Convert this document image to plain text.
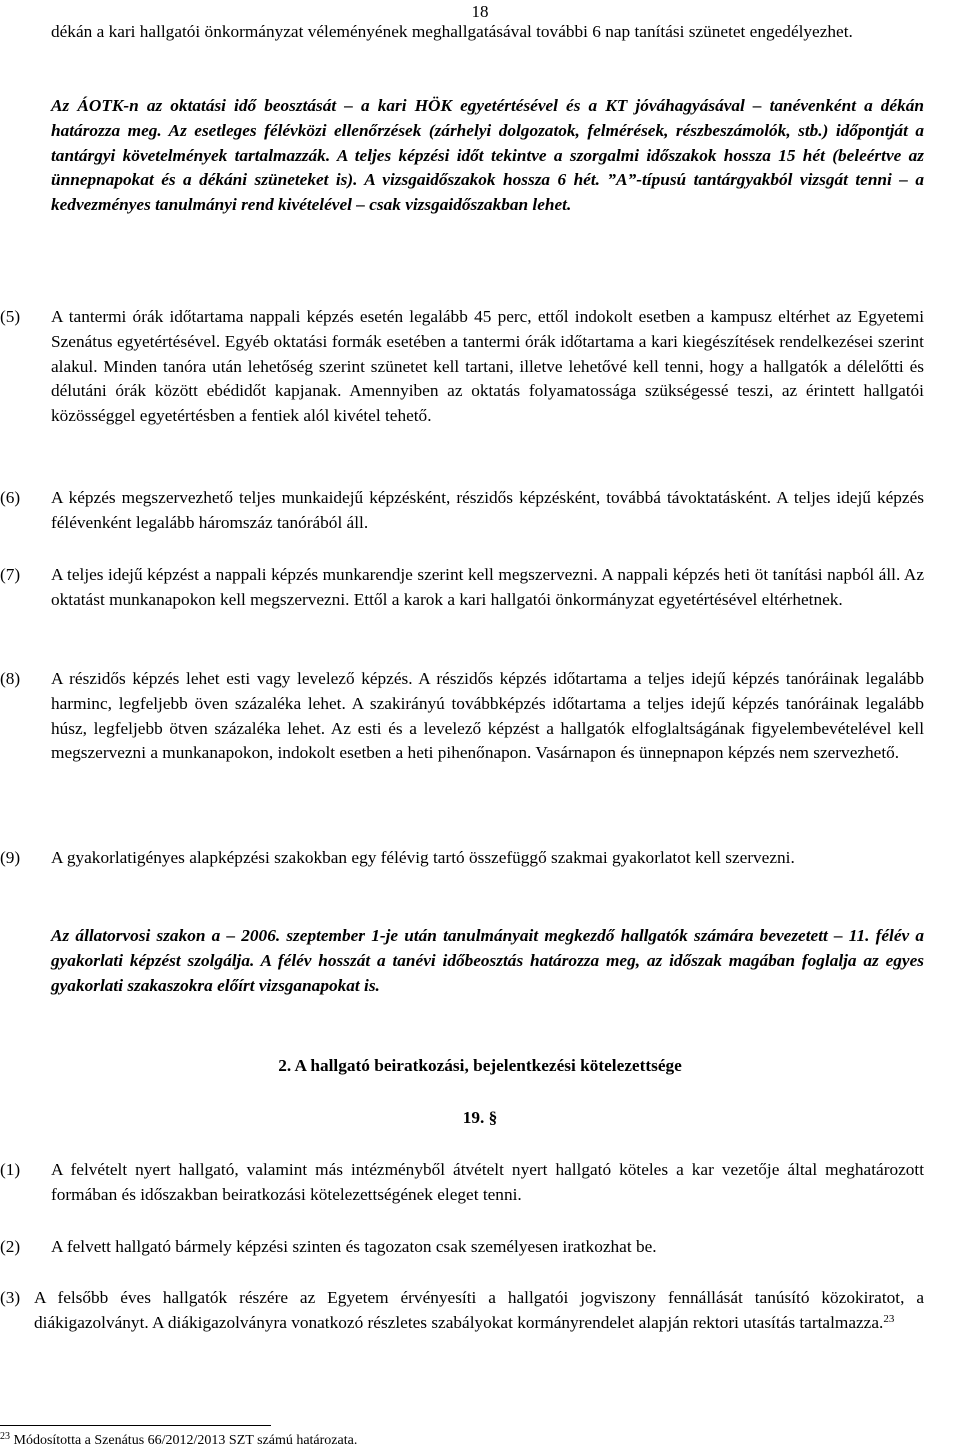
18

dékán a kari hallgatói önkormányzat véleményének meghallgatásával további 6 nap tanítási szünetet engedélyezhet.

Az ÁOTK-n az oktatási idő beosztását – a kari HÖK egyetértésével és a KT jóváhagyásával – tanévenként a dékán határozza meg. Az esetleges félévközi ellenőrzések (zárhelyi dolgozatok, felmérések, részbeszámolók, stb.) időpontját a tantárgyi követelmények tartalmazzák. A teljes képzési időt tekintve a szorgalmi időszakok hossza 15 hét (beleértve az ünnepnapokat és a dékáni szüneteket is). A vizsgaidőszakok hossza 6 hét. ”A”-típusú tantárgyakból vizsgát tenni – a kedvezményes tanulmányi rend kivételével – csak vizsgaidőszakban lehet.

(5)	A tantermi órák időtartama nappali képzés esetén legalább 45 perc, ettől indokolt esetben a kampusz eltérhet az Egyetemi Szenátus egyetértésével. Egyéb oktatási formák esetében a tantermi órák időtartama a kari kiegészítések rendelkezései szerint alakul. Minden tanóra után lehetőség szerint szünetet kell tartani, illetve lehetővé kell tenni, hogy a hallgatók a délelőtti és délutáni órák között ebédidőt kapjanak. Amennyiben az oktatás folyamatossága szükségessé teszi, az érintett hallgatói közösséggel egyetértésben a fentiek alól kivétel tehető.
(6)	A képzés megszervezhető teljes munkaidejű képzésként, részidős képzésként, továbbá távoktatásként. A teljes idejű képzés félévenként legalább háromszáz tanórából áll.
(7)	A teljes idejű képzést a nappali képzés munkarendje szerint kell megszervezni. A nappali képzés heti öt tanítási napból áll. Az oktatást munkanapokon kell megszervezni. Ettől a karok a kari hallgatói önkormányzat egyetértésével eltérhetnek.
(8)	A részidős képzés lehet esti vagy levelező képzés. A részidős képzés időtartama a teljes idejű képzés tanóráinak legalább harminc, legfeljebb öven százaléka lehet. A szakirányú továbbképzés időtartama a teljes idejű képzés tanóráinak legalább húsz, legfeljebb ötven százaléka lehet. Az esti és a levelező képzést a hallgatók elfoglaltságának figyelembevételével kell megszervezni a munkanapokon, indokolt esetben a heti pihenőnapon. Vasárnapon és ünnepnapon képzés nem szervezhető.
(9)	A gyakorlatigényes alapképzési szakokban egy félévig tartó összefüggő szakmai gyakorlatot kell szervezni.

Az állatorvosi szakon a – 2006. szeptember 1-je után tanulmányait megkezdő hallgatók számára bevezetett – 11. félév a gyakorlati képzést szolgálja. A félév hosszát a tanévi időbeosztás határozza meg, az időszak magában foglalja az egyes gyakorlati szakaszokra előírt vizsganapokat is.

2. A hallgató beiratkozási, bejelentkezési kötelezettsége

19. §

(1)	A felvételt nyert hallgató, valamint más intézményből átvételt nyert hallgató köteles a kar vezetője által meghatározott formában és időszakban beiratkozási kötelezettségének eleget tenni.
(2)	A felvett hallgató bármely képzési szinten és tagozaton csak személyesen iratkozhat be.
(3) A felsőbb éves hallgatók részére az Egyetem érvényesíti a hallgatói jogviszony fennállását tanúsító közokiratot, a diákigazolványt. A diákigazolványra vonatkozó részletes szabályokat kormányrendelet alapján rektori utasítás tartalmazza.$^{23}$
$^{23}$ Módosította a Szenátus 66/2012/2013 SZT számú határozata.
